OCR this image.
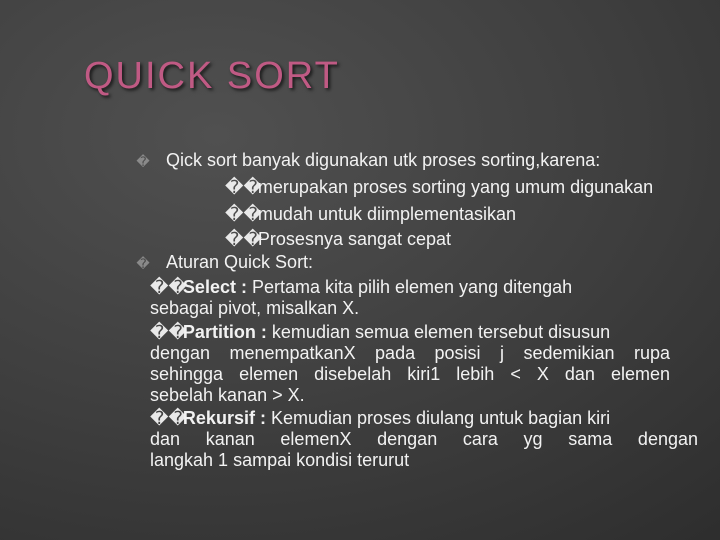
QUICK SORT
� Qick sort banyak digunakan utk proses sorting,karena:
��merupakan proses sorting yang umum digunakan
��mudah untuk diimplementasikan
��Prosesnya sangat cepat
� Aturan Quick Sort:
��Select : Pertama kita pilih elemen yang ditengah
sebagai pivot, misalkan X.
��Partition : kemudian semua elemen tersebut disusun
dengan menempatkanX pada posisi j sedemikian rupa
sehingga elemen disebelah kiri1 lebih < X dan elemen
sebelah kanan > X.
��Rekursif : Kemudian proses diulang untuk bagian kiri
dan kanan elemenX dengan cara yg sama dengan
langkah 1 sampai kondisi terurut
